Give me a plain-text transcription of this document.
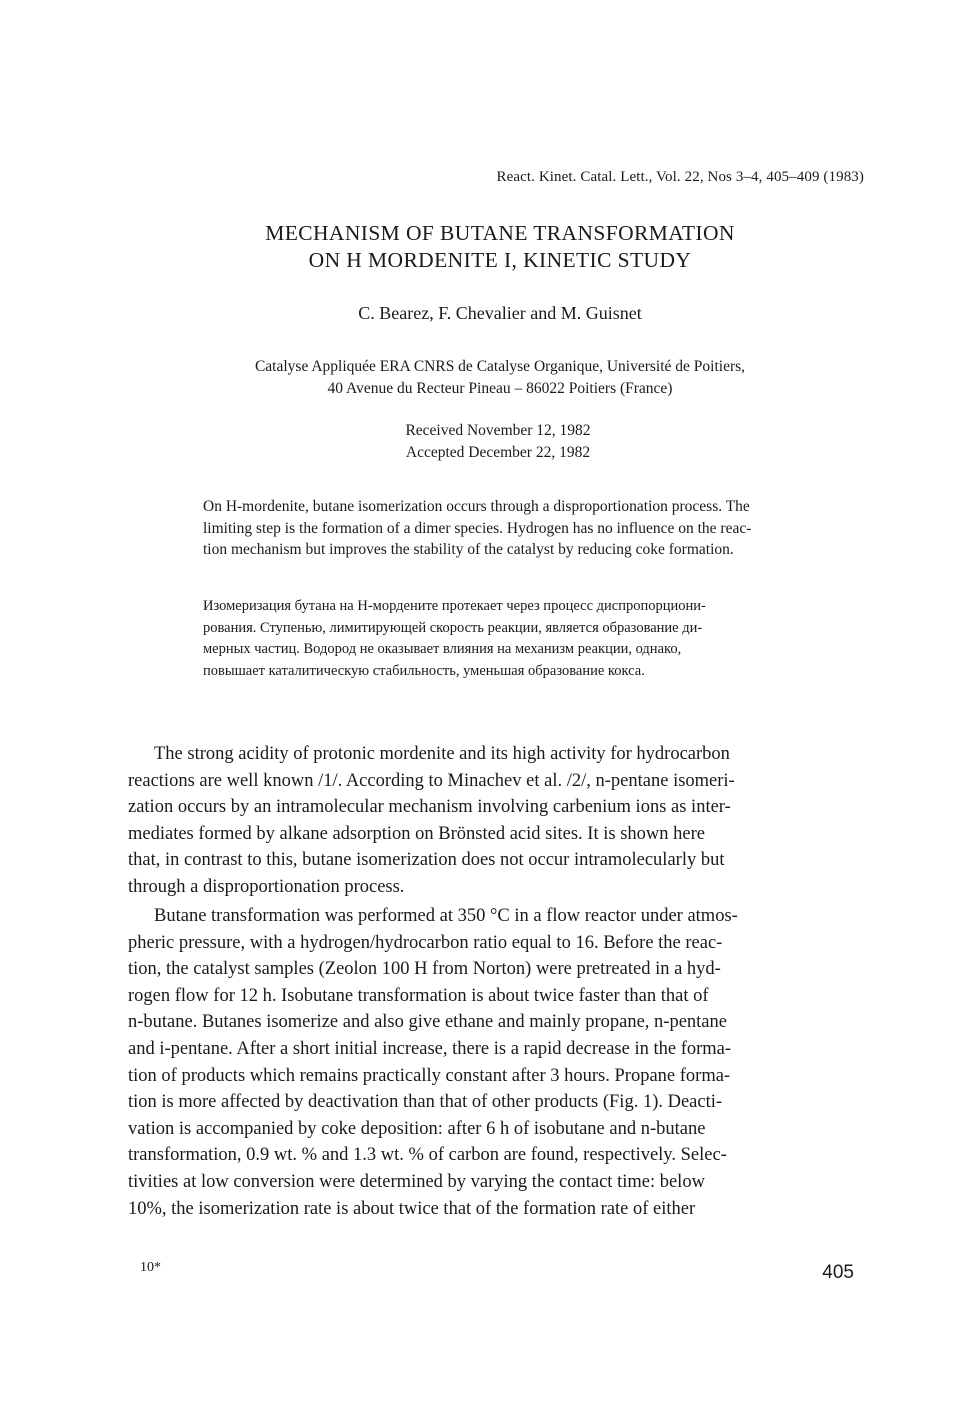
React. Kinet. Catal. Lett., Vol. 22, Nos 3–4, 405–409 (1983)
MECHANISM OF BUTANE TRANSFORMATION
ON H MORDENITE I, KINETIC STUDY
C. Bearez, F. Chevalier and M. Guisnet
Catalyse Appliquée ERA CNRS de Catalyse Organique, Université de Poitiers,
40 Avenue du Recteur Pineau – 86022 Poitiers (France)
Received November 12, 1982
Accepted December 22, 1982
On H-mordenite, butane isomerization occurs through a disproportionation process. The
limiting step is the formation of a dimer species. Hydrogen has no influence on the reac-
tion mechanism but improves the stability of the catalyst by reducing coke formation.
Изомеризация бутана на Н-мордените протекает через процесс диспропорциони-
рования. Ступенью, лимитирующей скорость реакции, является образование ди-
мерных частиц. Водород не оказывает влияния на механизм реакции, однако,
повышает каталитическую стабильность, уменьшая образование кокса.
The strong acidity of protonic mordenite and its high activity for hydrocarbon
reactions are well known /1/. According to Minachev et al. /2/, n-pentane isomeri-
zation occurs by an intramolecular mechanism involving carbenium ions as inter-
mediates formed by alkane adsorption on Brönsted acid sites. It is shown here
that, in contrast to this, butane isomerization does not occur intramolecularly but
through a disproportionation process.
Butane transformation was performed at 350 °C in a flow reactor under atmos-
pheric pressure, with a hydrogen/hydrocarbon ratio equal to 16. Before the reac-
tion, the catalyst samples (Zeolon 100 H from Norton) were pretreated in a hyd-
rogen flow for 12 h. Isobutane transformation is about twice faster than that of
n-butane. Butanes isomerize and also give ethane and mainly propane, n-pentane
and i-pentane. After a short initial increase, there is a rapid decrease in the forma-
tion of products which remains practically constant after 3 hours. Propane forma-
tion is more affected by deactivation than that of other products (Fig. 1). Deacti-
vation is accompanied by coke deposition: after 6 h of isobutane and n-butane
transformation, 0.9 wt. % and 1.3 wt. % of carbon are found, respectively. Selec-
tivities at low conversion were determined by varying the contact time: below
10%, the isomerization rate is about twice that of the formation rate of either
10*	405
